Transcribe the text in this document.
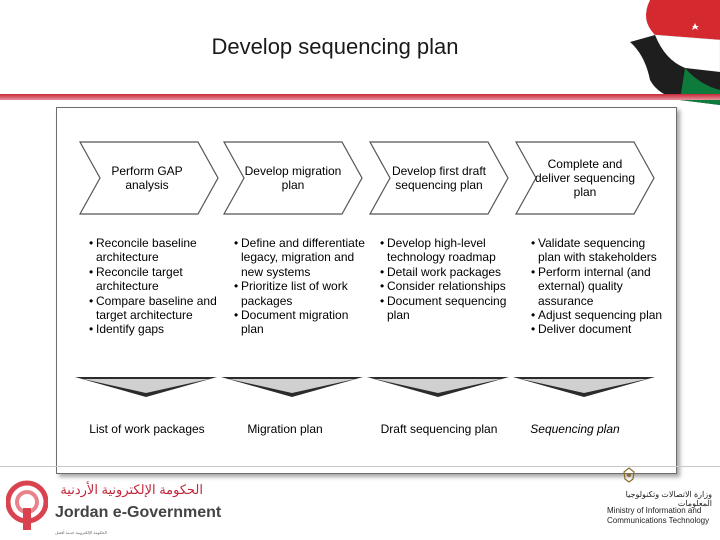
Develop sequencing plan
Perform GAP analysis
Develop migration plan
Develop first draft sequencing plan
Complete and deliver sequencing plan
• Reconcile baseline architecture
• Reconcile target architecture
• Compare baseline and target architecture
• Identify gaps
• Define and differentiate legacy, migration and new systems
• Prioritize list of work packages
• Document migration plan
• Develop high-level technology roadmap
• Detail work packages
• Consider relationships
• Document sequencing plan
• Validate sequencing plan with stakeholders
• Perform internal (and external) quality assurance
• Adjust sequencing plan
• Deliver document
List of work packages	Migration plan	Draft sequencing plan	Sequencing plan
الحكومة الإلكترونية الأردنية
Jordan e-Government
الحكومة الإلكترونية خدمة أفضل
وزارة الاتصالات وتكنولوجيا المعلومات
Ministry of Information and Communications Technology
